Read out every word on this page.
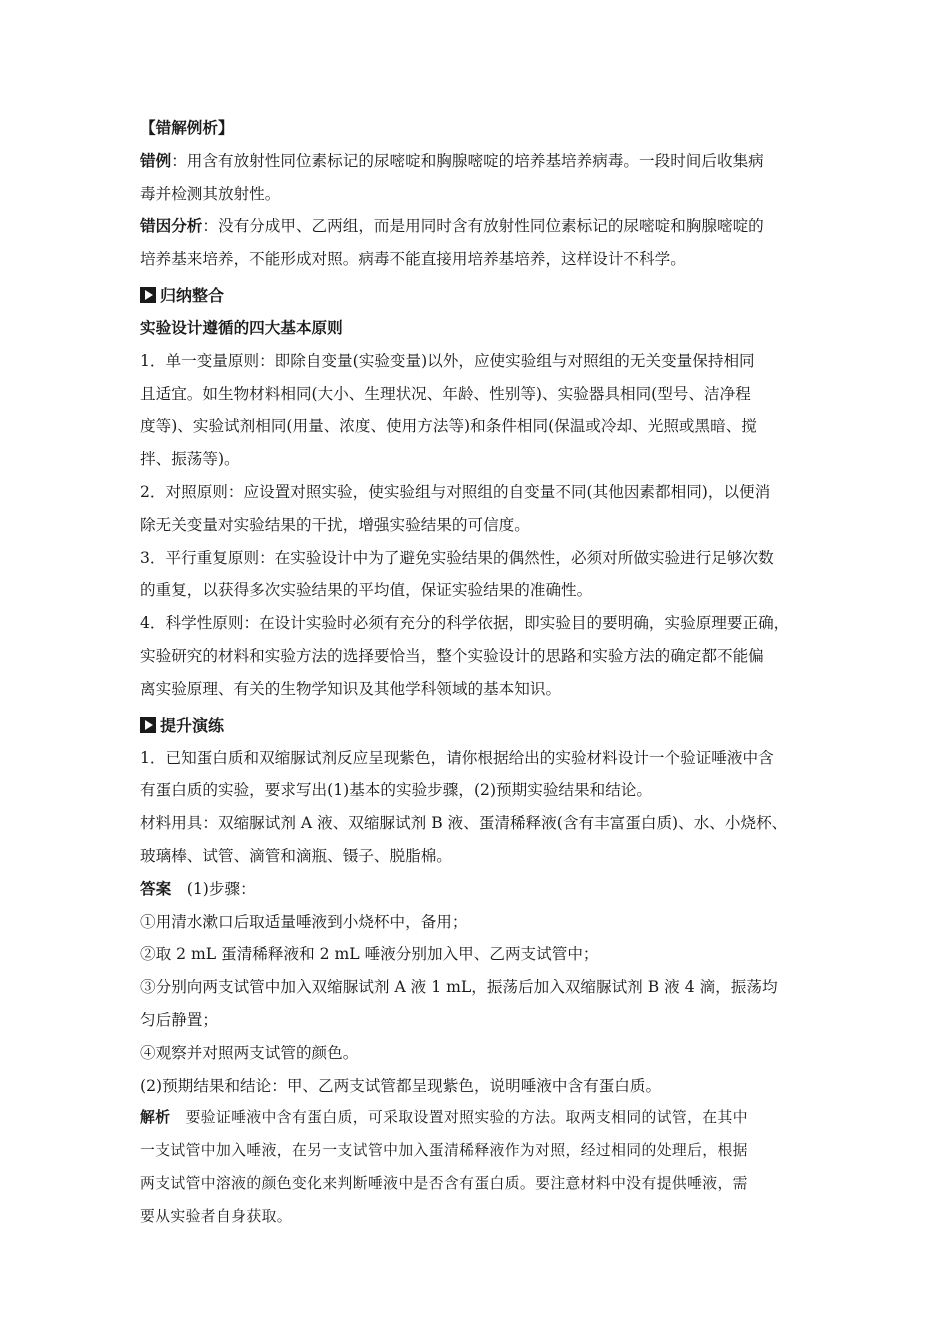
【错解例析】
错例：用含有放射性同位素标记的尿嘧啶和胸腺嘧啶的培养基培养病毒。一段时间后收集病
毒并检测其放射性。
错因分析：没有分成甲、乙两组，而是用同时含有放射性同位素标记的尿嘧啶和胸腺嘧啶的
培养基来培养，不能形成对照。病毒不能直接用培养基培养，这样设计不科学。
归纳整合
实验设计遵循的四大基本原则
1．单一变量原则：即除自变量(实验变量)以外，应使实验组与对照组的无关变量保持相同
且适宜。如生物材料相同(大小、生理状况、年龄、性别等)、实验器具相同(型号、洁净程
度等)、实验试剂相同(用量、浓度、使用方法等)和条件相同(保温或冷却、光照或黑暗、搅
拌、振荡等)。
2．对照原则：应设置对照实验，使实验组与对照组的自变量不同(其他因素都相同)，以便消
除无关变量对实验结果的干扰，增强实验结果的可信度。
3．平行重复原则：在实验设计中为了避免实验结果的偶然性，必须对所做实验进行足够次数
的重复，以获得多次实验结果的平均值，保证实验结果的准确性。
4．科学性原则：在设计实验时必须有充分的科学依据，即实验目的要明确，实验原理要正确，
实验研究的材料和实验方法的选择要恰当，整个实验设计的思路和实验方法的确定都不能偏
离实验原理、有关的生物学知识及其他学科领域的基本知识。
提升演练
1．已知蛋白质和双缩脲试剂反应呈现紫色，请你根据给出的实验材料设计一个验证唾液中含
有蛋白质的实验，要求写出(1)基本的实验步骤，(2)预期实验结果和结论。
材料用具：双缩脲试剂 A 液、双缩脲试剂 B 液、蛋清稀释液(含有丰富蛋白质)、水、小烧杯、
玻璃棒、试管、滴管和滴瓶、镊子、脱脂棉。
答案　(1)步骤：
①用清水漱口后取适量唾液到小烧杯中，备用；
②取 2 mL 蛋清稀释液和 2 mL 唾液分别加入甲、乙两支试管中；
③分别向两支试管中加入双缩脲试剂 A 液 1 mL，振荡后加入双缩脲试剂 B 液 4 滴，振荡均
匀后静置；
④观察并对照两支试管的颜色。
(2)预期结果和结论：甲、乙两支试管都呈现紫色，说明唾液中含有蛋白质。
解析　要验证唾液中含有蛋白质，可采取设置对照实验的方法。取两支相同的试管，在其中
一支试管中加入唾液，在另一支试管中加入蛋清稀释液作为对照，经过相同的处理后，根据
两支试管中溶液的颜色变化来判断唾液中是否含有蛋白质。要注意材料中没有提供唾液，需
要从实验者自身获取。
